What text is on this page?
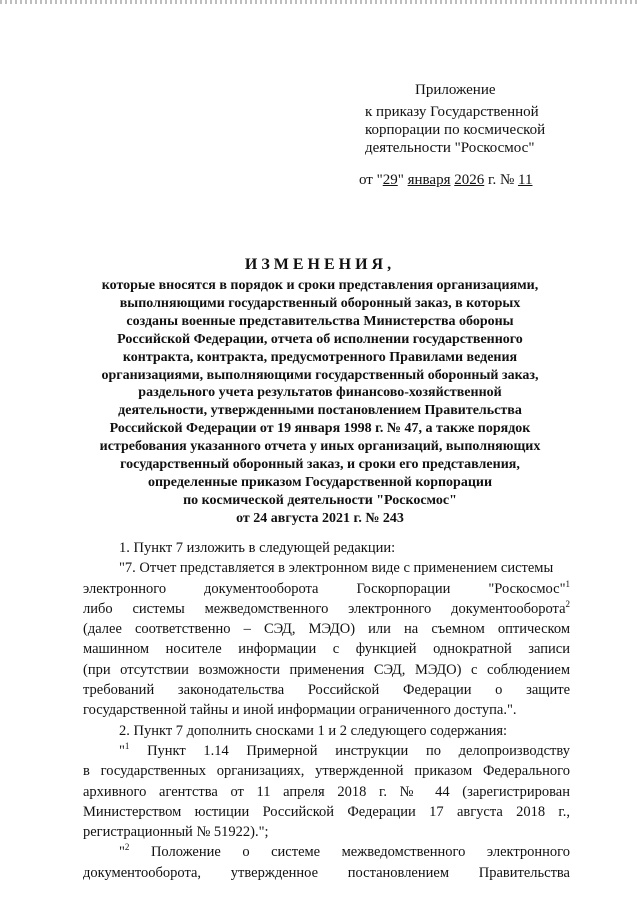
Приложение
к приказу Государственной
корпорации по космической
деятельности "Роскосмос"
от "29" января 2026 г. № 11
ИЗМЕНЕНИЯ,
которые вносятся в порядок и сроки представления организациями,
выполняющими государственный оборонный заказ, в которых
созданы военные представительства Министерства обороны
Российской Федерации, отчета об исполнении государственного
контракта, контракта, предусмотренного Правилами ведения
организациями, выполняющими государственный оборонный заказ,
раздельного учета результатов финансово-хозяйственной
деятельности, утвержденными постановлением Правительства
Российской Федерации от 19 января 1998 г. № 47, а также порядок
истребования указанного отчета у иных организаций, выполняющих
государственный оборонный заказ, и сроки его представления,
определенные приказом Государственной корпорации
по космической деятельности "Роскосмос"
от 24 августа 2021 г. № 243
1. Пункт 7 изложить в следующей редакции:
"7. Отчет представляется в электронном виде с применением системы
электронного документооборота Госкорпорации "Роскосмос"$^1$
либо системы межведомственного электронного документооборота$^2$
(далее соответственно – СЭД, МЭДО) или на съемном оптическом
машинном носителе информации с функцией однократной записи
(при отсутствии возможности применения СЭД, МЭДО) с соблюдением
требований законодательства Российской Федерации о защите
государственной тайны и иной информации ограниченного доступа.".
2. Пункт 7 дополнить сносками 1 и 2 следующего содержания:
"$^1$ Пункт 1.14 Примерной инструкции по делопроизводству
в государственных организациях, утвержденной приказом Федерального
архивного агентства от 11 апреля 2018 г. № 44 (зарегистрирован
Министерством юстиции Российской Федерации 17 августа 2018 г.,
регистрационный № 51922).";
"$^2$ Положение о системе межведомственного электронного
документооборота, утвержденное постановлением Правительства
